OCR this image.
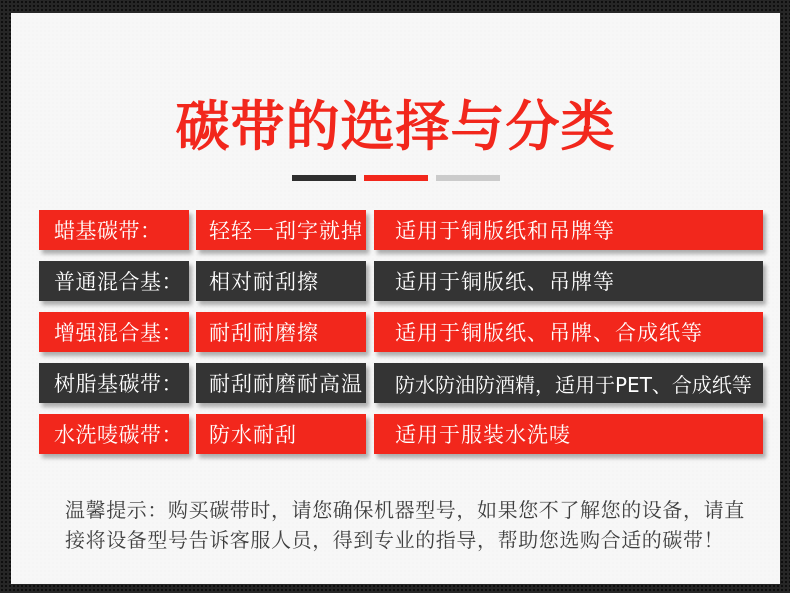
碳带的选择与分类
蜡基碳带：	轻轻一刮字就掉	适用于铜版纸和吊牌等
普通混合基：	相对耐刮擦	适用于铜版纸、吊牌等
增强混合基：	耐刮耐磨擦	适用于铜版纸、吊牌、合成纸等
树脂基碳带：	耐刮耐磨耐高温	防水防油防酒精，适用于PET、合成纸等
水洗唛碳带：	防水耐刮	适用于服装水洗唛
温馨提示：购买碳带时，请您确保机器型号，如果您不了解您的设备，请直
接将设备型号告诉客服人员，得到专业的指导，帮助您选购合适的碳带！
